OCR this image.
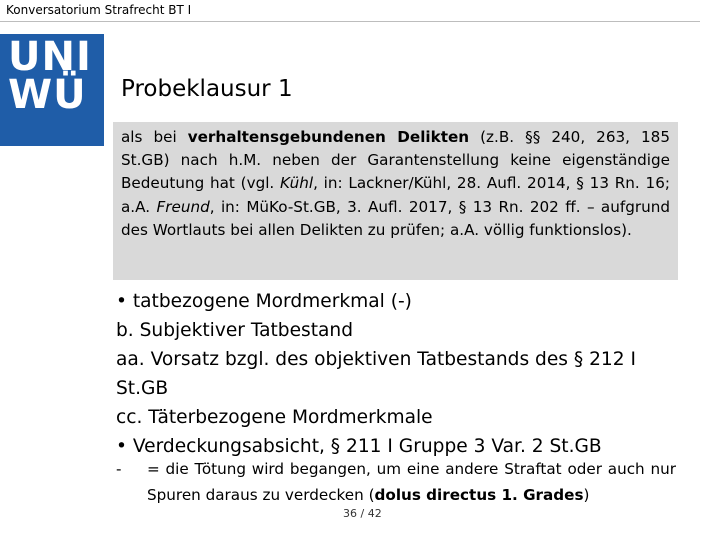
Konversatorium Strafrecht BT I
UNI
WÜ Probeklausur 1

als bei verhaltensgebundenen Delikten (z.B. §§ 240, 263, 185 St.GB) nach h.M. neben der Garantenstellung keine eigenständige Bedeutung hat (vgl. Kühl, in: Lackner/Kühl, 28. Aufl. 2014, § 13 Rn. 16; a.A. Freund, in: MüKo-St.GB, 3. Aufl. 2017, § 13 Rn. 202 ff. – aufgrund des Wortlauts bei allen Delikten zu prüfen; a.A. völlig funktionslos).

• tatbezogene Mordmerkmal (-)
b. Subjektiver Tatbestand
aa. Vorsatz bzgl. des objektiven Tatbestands des § 212 I
St.GB
cc. Täterbezogene Mordmerkmale
• Verdeckungsabsicht, § 211 I Gruppe 3 Var. 2 St.GB
- = die Tötung wird begangen, um eine andere Straftat oder auch nur Spuren daraus zu verdecken (dolus directus 1. Grades)
36 / 42
